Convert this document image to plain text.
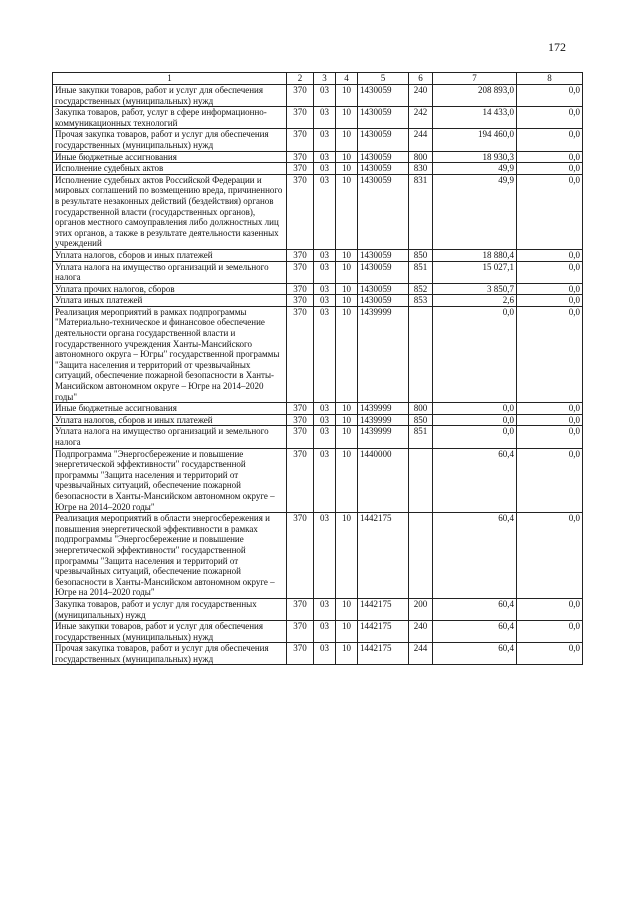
172
1	2	3	4	5	6	7	8
Иные закупки товаров, работ и услуг для обеспечения государственных (муниципальных) нужд	370	03	10	1430059	240	208 893,0	0,0
Закупка товаров, работ, услуг в сфере информационно-коммуникационных технологий	370	03	10	1430059	242	14 433,0	0,0
Прочая закупка товаров, работ и услуг для обеспечения государственных (муниципальных) нужд	370	03	10	1430059	244	194 460,0	0,0
Иные бюджетные ассигнования	370	03	10	1430059	800	18 930,3	0,0
Исполнение судебных актов	370	03	10	1430059	830	49,9	0,0
Исполнение судебных актов Российской Федерации и мировых соглашений по возмещению вреда, причиненного в результате незаконных действий (бездействия) органов государственной власти (государственных органов), органов местного самоуправления либо должностных лиц этих органов, а также в результате деятельности казенных учреждений	370	03	10	1430059	831	49,9	0,0
Уплата налогов, сборов и иных платежей	370	03	10	1430059	850	18 880,4	0,0
Уплата налога на имущество организаций и земельного налога	370	03	10	1430059	851	15 027,1	0,0
Уплата прочих налогов, сборов	370	03	10	1430059	852	3 850,7	0,0
Уплата иных платежей	370	03	10	1430059	853	2,6	0,0
Реализация мероприятий в рамках подпрограммы "Материально-техническое и финансовое обеспечение деятельности органа государственной власти и государственного учреждения Ханты-Мансийского автономного округа – Югры" государственной программы "Защита населения и территорий от чрезвычайных ситуаций, обеспечение пожарной безопасности в Ханты-Мансийском автономном округе – Югре на 2014–2020 годы"	370	03	10	1439999		0,0	0,0
Иные бюджетные ассигнования	370	03	10	1439999	800	0,0	0,0
Уплата налогов, сборов и иных платежей	370	03	10	1439999	850	0,0	0,0
Уплата налога на имущество организаций и земельного налога	370	03	10	1439999	851	0,0	0,0
Подпрограмма "Энергосбережение и повышение энергетической эффективности" государственной программы "Защита населения и территорий от чрезвычайных ситуаций, обеспечение пожарной безопасности в Ханты-Мансийском автономном округе – Югре на 2014–2020 годы"	370	03	10	1440000		60,4	0,0
Реализация мероприятий в области энергосбережения и повышения энергетической эффективности в рамках подпрограммы "Энергосбережение и повышение энергетической эффективности" государственной программы "Защита населения и территорий от чрезвычайных ситуаций, обеспечение пожарной безопасности в Ханты-Мансийском автономном округе – Югре на 2014–2020 годы"	370	03	10	1442175		60,4	0,0
Закупка товаров, работ и услуг для государственных (муниципальных) нужд	370	03	10	1442175	200	60,4	0,0
Иные закупки товаров, работ и услуг для обеспечения государственных (муниципальных) нужд	370	03	10	1442175	240	60,4	0,0
Прочая закупка товаров, работ и услуг для обеспечения государственных (муниципальных) нужд	370	03	10	1442175	244	60,4	0,0
